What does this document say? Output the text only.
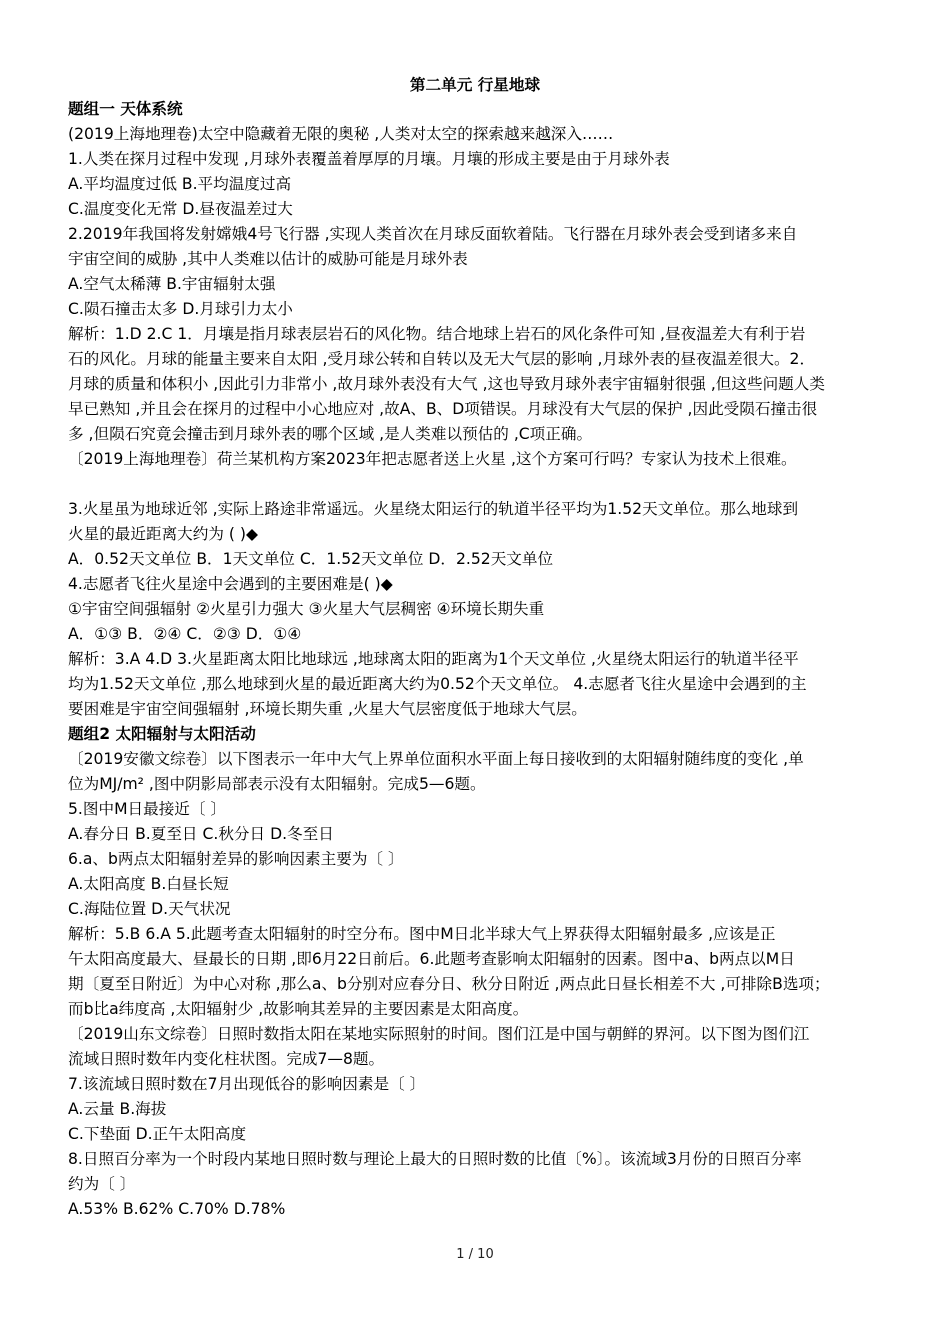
第二单元 行星地球
题组一 天体系统
(2019上海地理卷)太空中隐藏着无限的奥秘 ,人类对太空的探索越来越深入……
1.人类在探月过程中发现 ,月球外表覆盖着厚厚的月壤。月壤的形成主要是由于月球外表
A.平均温度过低 B.平均温度过高
C.温度变化无常 D.昼夜温差过大
2.2019年我国将发射嫦娥4号飞行器 ,实现人类首次在月球反面软着陆。飞行器在月球外表会受到诸多来自
宇宙空间的威胁 ,其中人类难以估计的威胁可能是月球外表
A.空气太稀薄 B.宇宙辐射太强
C.陨石撞击太多 D.月球引力太小
解析：1.D 2.C 1．月壤是指月球表层岩石的风化物。结合地球上岩石的风化条件可知 ,昼夜温差大有利于岩
石的风化。月球的能量主要来自太阳 ,受月球公转和自转以及无大气层的影响 ,月球外表的昼夜温差很大。2．
月球的质量和体积小 ,因此引力非常小 ,故月球外表没有大气 ,这也导致月球外表宇宙辐射很强 ,但这些问题人类
早已熟知 ,并且会在探月的过程中小心地应对 ,故A、B、D项错误。月球没有大气层的保护 ,因此受陨石撞击很
多 ,但陨石究竟会撞击到月球外表的哪个区域 ,是人类难以预估的 ,C项正确。
〔2019上海地理卷〕荷兰某机构方案2023年把志愿者送上火星 ,这个方案可行吗？专家认为技术上很难。
3.火星虽为地球近邻 ,实际上路途非常遥远。火星绕太阳运行的轨道半径平均为1.52天文单位。那么地球到
火星的最近距离大约为 ( )◆
A．0.52天文单位 B．1天文单位 C．1.52天文单位 D．2.52天文单位
4.志愿者飞往火星途中会遇到的主要困难是( )◆
①宇宙空间强辐射 ②火星引力强大 ③火星大气层稠密 ④环境长期失重
A．①③ B．②④ C．②③ D．①④
解析：3.A 4.D 3.火星距离太阳比地球远 ,地球离太阳的距离为1个天文单位 ,火星绕太阳运行的轨道半径平
均为1.52天文单位 ,那么地球到火星的最近距离大约为0.52个天文单位。 4.志愿者飞往火星途中会遇到的主
要困难是宇宙空间强辐射 ,环境长期失重 ,火星大气层密度低于地球大气层。
题组2 太阳辐射与太阳活动
〔2019安徽文综卷〕以下图表示一年中大气上界单位面积水平面上每日接收到的太阳辐射随纬度的变化 ,单
位为MJ/m² ,图中阴影局部表示没有太阳辐射。完成5—6题。
5.图中M日最接近〔 〕
A.春分日 B.夏至日 C.秋分日 D.冬至日
6.a、b两点太阳辐射差异的影响因素主要为〔 〕
A.太阳高度 B.白昼长短
C.海陆位置 D.天气状况
解析：5.B 6.A 5.此题考查太阳辐射的时空分布。图中M日北半球大气上界获得太阳辐射最多 ,应该是正
午太阳高度最大、昼最长的日期 ,即6月22日前后。6.此题考查影响太阳辐射的因素。图中a、b两点以M日
期〔夏至日附近〕为中心对称 ,那么a、b分别对应春分日、秋分日附近 ,两点此日昼长相差不大 ,可排除B选项；
而b比a纬度高 ,太阳辐射少 ,故影响其差异的主要因素是太阳高度。
〔2019山东文综卷〕日照时数指太阳在某地实际照射的时间。图们江是中国与朝鲜的界河。以下图为图们江
流域日照时数年内变化柱状图。完成7—8题。
7.该流域日照时数在7月出现低谷的影响因素是〔 〕
A.云量 B.海拔
C.下垫面 D.正午太阳高度
8.日照百分率为一个时段内某地日照时数与理论上最大的日照时数的比值〔%〕。该流域3月份的日照百分率
约为〔 〕
A.53% B.62% C.70% D.78%
1 / 10
